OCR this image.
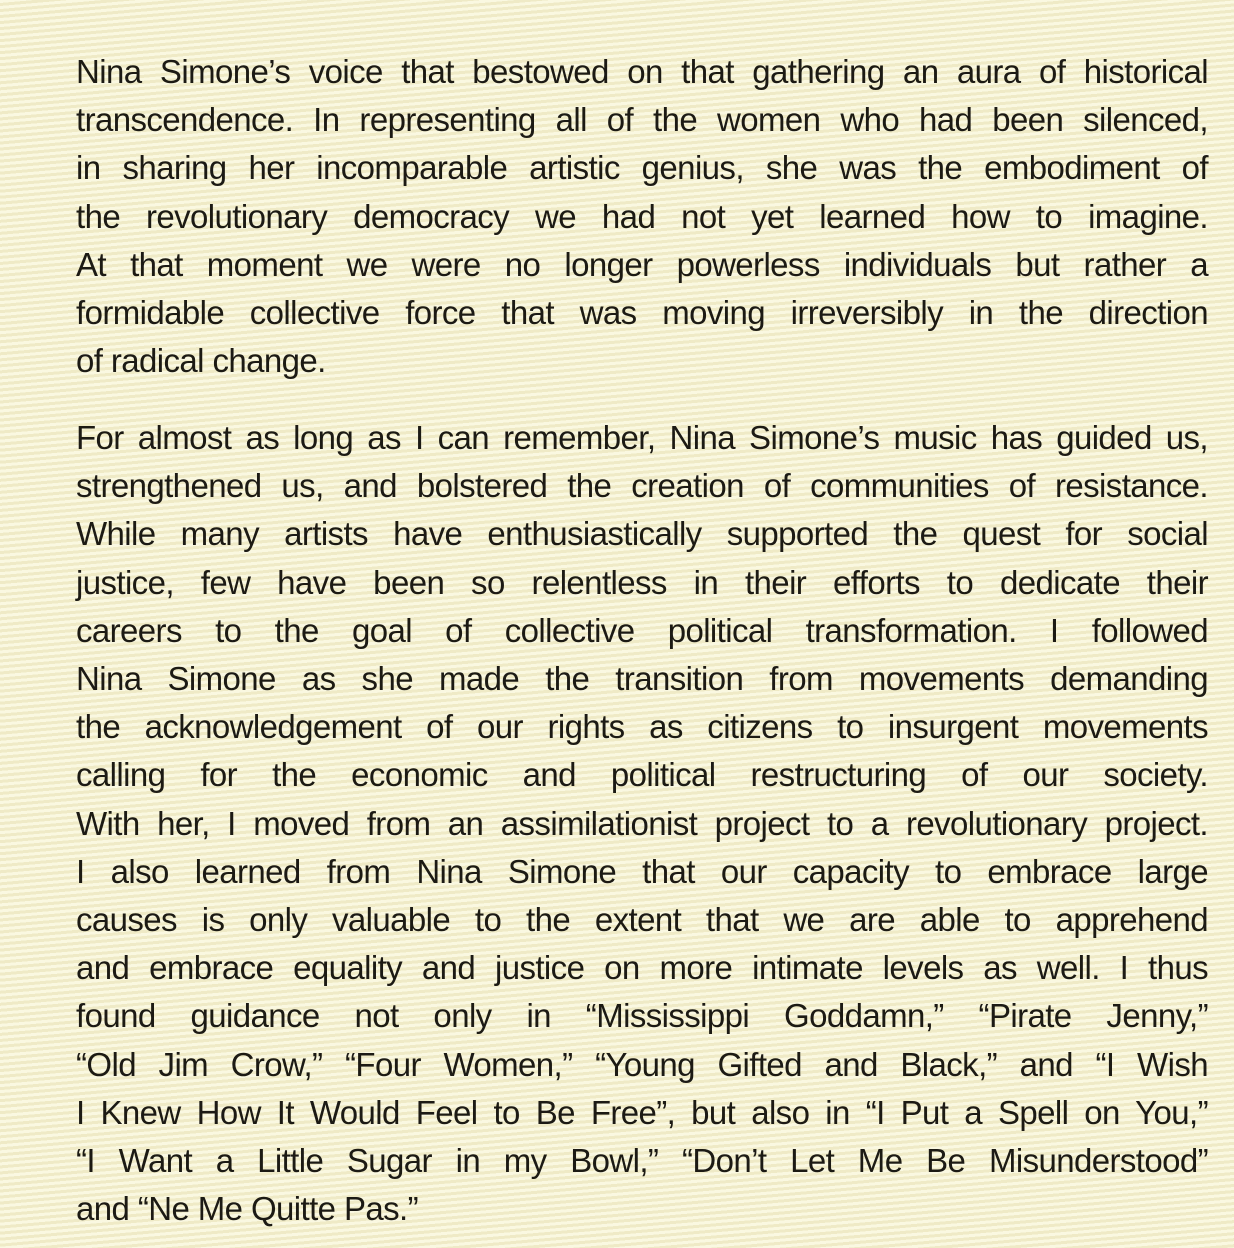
Nina Simone’s voice that bestowed on that gathering an aura of historical
transcendence. In representing all of the women who had been silenced,
in sharing her incomparable artistic genius, she was the embodiment of
the revolutionary democracy we had not yet learned how to imagine.
At that moment we were no longer powerless individuals but rather a
formidable collective force that was moving irreversibly in the direction
of radical change.
For almost as long as I can remember, Nina Simone’s music has guided us,
strengthened us, and bolstered the creation of communities of resistance.
While many artists have enthusiastically supported the quest for social
justice, few have been so relentless in their efforts to dedicate their
careers to the goal of collective political transformation. I followed
Nina Simone as she made the transition from movements demanding
the acknowledgement of our rights as citizens to insurgent movements
calling for the economic and political restructuring of our society.
With her, I moved from an assimilationist project to a revolutionary project.
I also learned from Nina Simone that our capacity to embrace large
causes is only valuable to the extent that we are able to apprehend
and embrace equality and justice on more intimate levels as well. I thus
found guidance not only in “Mississippi Goddamn,” “Pirate Jenny,”
“Old Jim Crow,” “Four Women,” “Young Gifted and Black,” and “I Wish
I Knew How It Would Feel to Be Free”, but also in “I Put a Spell on You,”
“I Want a Little Sugar in my Bowl,” “Don’t Let Me Be Misunderstood”
and “Ne Me Quitte Pas.”
